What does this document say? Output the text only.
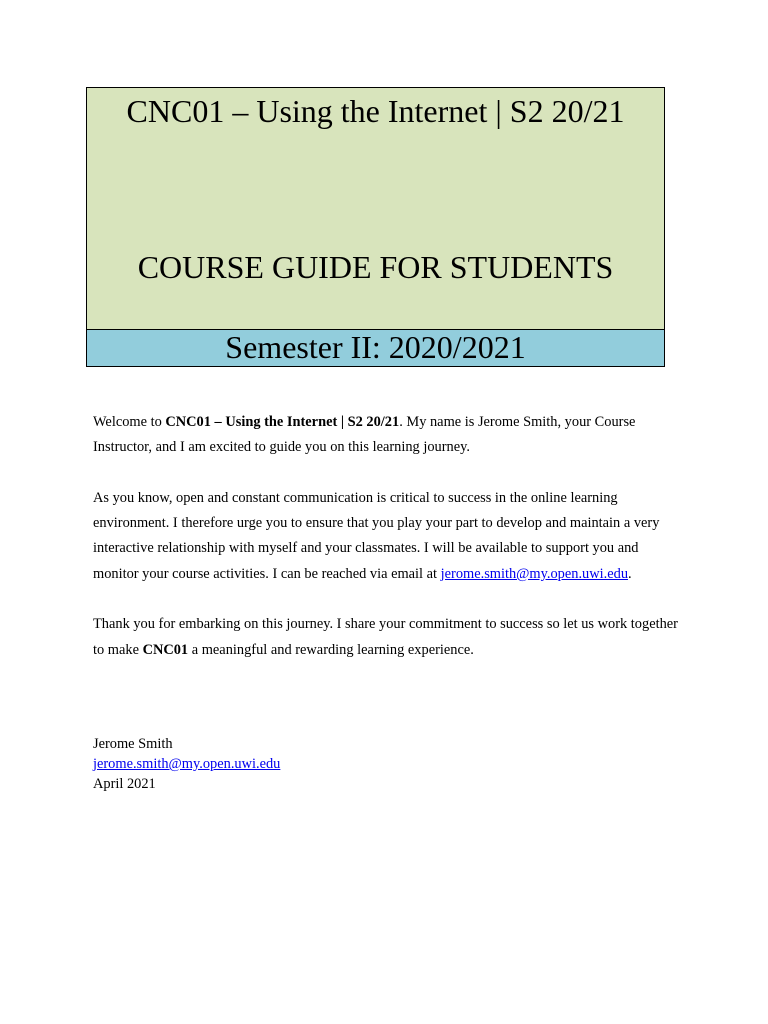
CNC01 – Using the Internet | S2 20/21
COURSE GUIDE FOR STUDENTS
Semester II: 2020/2021

Welcome to CNC01 – Using the Internet | S2 20/21. My name is Jerome Smith, your Course Instructor, and I am excited to guide you on this learning journey.

As you know, open and constant communication is critical to success in the online learning environment. I therefore urge you to ensure that you play your part to develop and maintain a very interactive relationship with myself and your classmates. I will be available to support you and monitor your course activities. I can be reached via email at jerome.smith@my.open.uwi.edu.

Thank you for embarking on this journey. I share your commitment to success so let us work together to make CNC01 a meaningful and rewarding learning experience.

Jerome Smith
jerome.smith@my.open.uwi.edu
April 2021
